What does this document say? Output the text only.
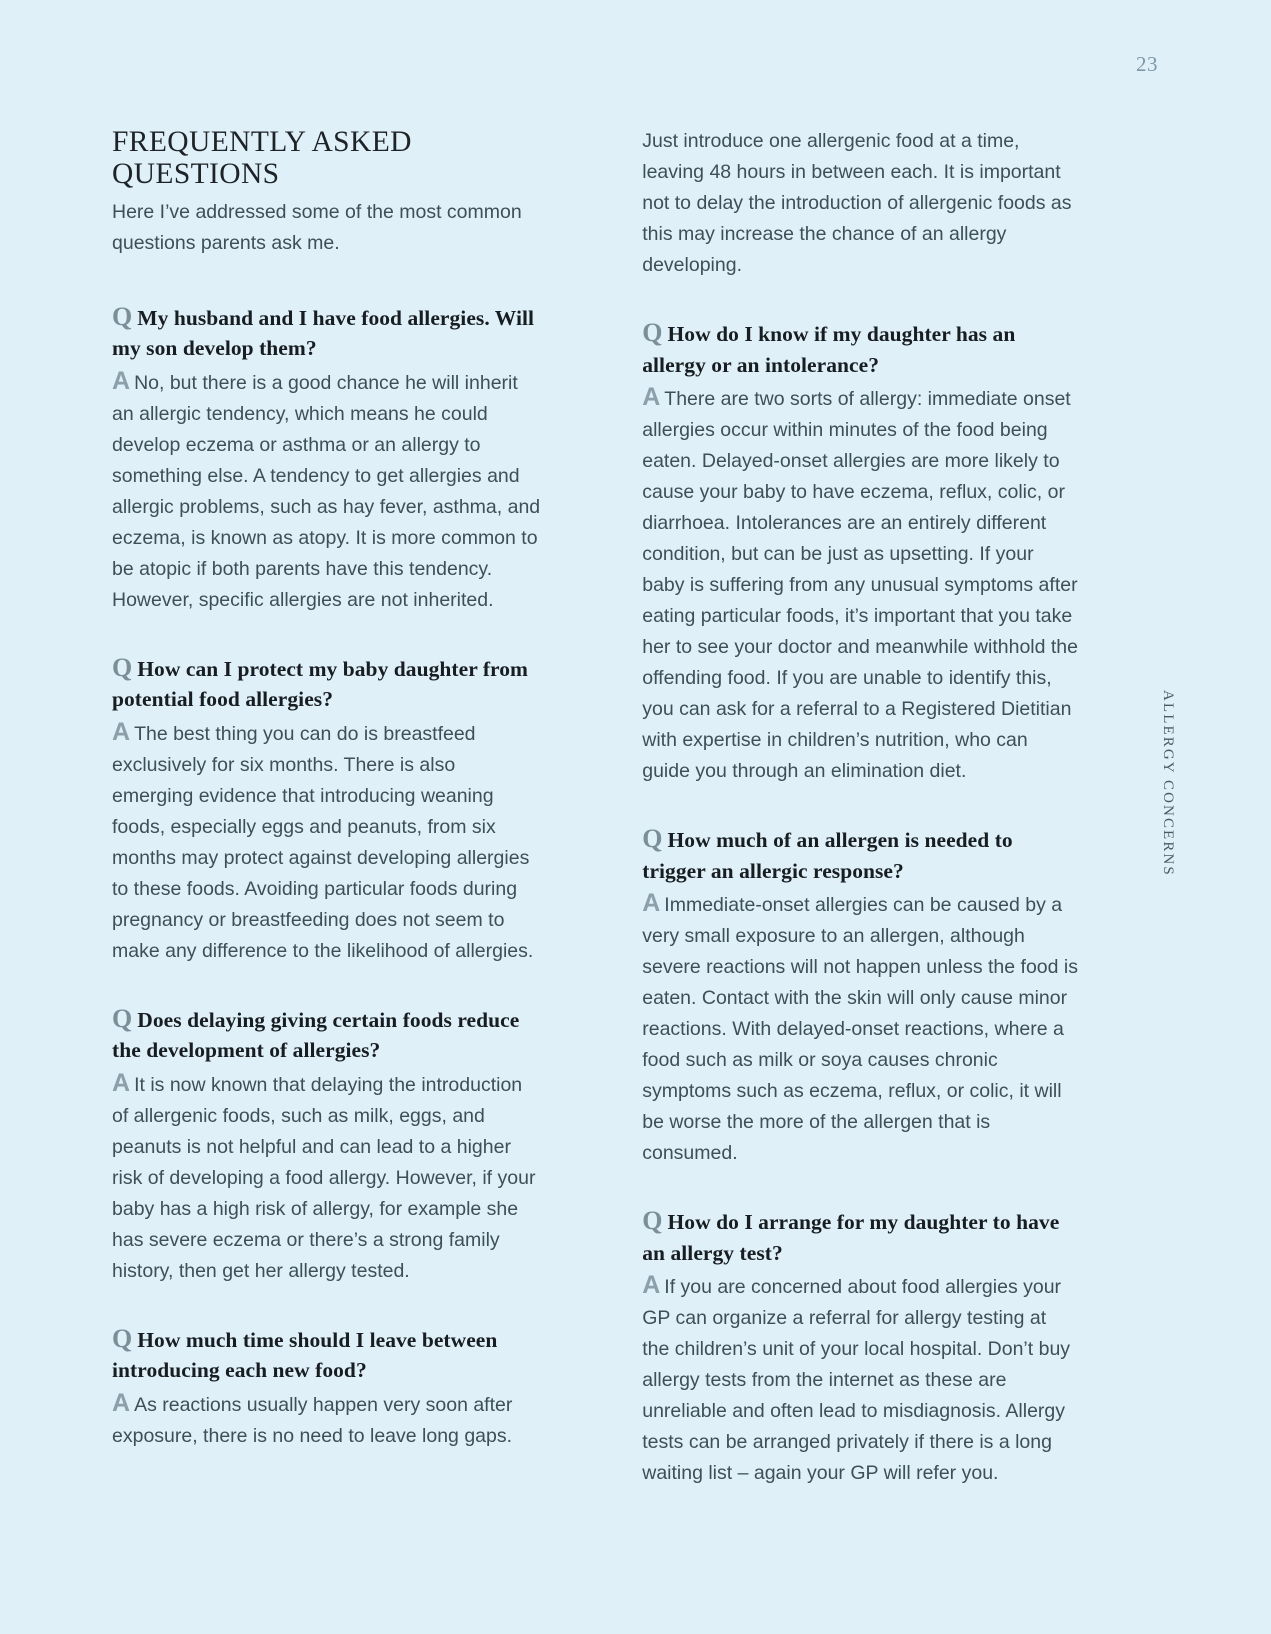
23
ALLERGY CONCERNS
FREQUENTLY ASKED QUESTIONS

Here I’ve addressed some of the most common questions parents ask me.

Q My husband and I have food allergies. Will my son develop them?

A No, but there is a good chance he will inherit an allergic tendency, which means he could develop eczema or asthma or an allergy to something else. A tendency to get allergies and allergic problems, such as hay fever, asthma, and eczema, is known as atopy. It is more common to be atopic if both parents have this tendency. However, specific allergies are not inherited.

Q How can I protect my baby daughter from potential food allergies?

A The best thing you can do is breastfeed exclusively for six months. There is also emerging evidence that introducing weaning foods, especially eggs and peanuts, from six months may protect against developing allergies to these foods. Avoiding particular foods during pregnancy or breastfeeding does not seem to make any difference to the likelihood of allergies.

Q Does delaying giving certain foods reduce the development of allergies?

A It is now known that delaying the introduction of allergenic foods, such as milk, eggs, and peanuts is not helpful and can lead to a higher risk of developing a food allergy. However, if your baby has a high risk of allergy, for example she has severe eczema or there’s a strong family history, then get her allergy tested.

Q How much time should I leave between introducing each new food?

A As reactions usually happen very soon after exposure, there is no need to leave long gaps.

Just introduce one allergenic food at a time, leaving 48 hours in between each. It is important not to delay the introduction of allergenic foods as this may increase the chance of an allergy developing.

Q How do I know if my daughter has an allergy or an intolerance?

A There are two sorts of allergy: immediate onset allergies occur within minutes of the food being eaten. Delayed-onset allergies are more likely to cause your baby to have eczema, reflux, colic, or diarrhoea. Intolerances are an entirely different condition, but can be just as upsetting. If your baby is suffering from any unusual symptoms after eating particular foods, it’s important that you take her to see your doctor and meanwhile withhold the offending food. If you are unable to identify this, you can ask for a referral to a Registered Dietitian with expertise in children’s nutrition, who can guide you through an elimination diet.

Q How much of an allergen is needed to trigger an allergic response?

A Immediate-onset allergies can be caused by a very small exposure to an allergen, although severe reactions will not happen unless the food is eaten. Contact with the skin will only cause minor reactions. With delayed-onset reactions, where a food such as milk or soya causes chronic symptoms such as eczema, reflux, or colic, it will be worse the more of the allergen that is consumed.

Q How do I arrange for my daughter to have an allergy test?

A If you are concerned about food allergies your GP can organize a referral for allergy testing at the children’s unit of your local hospital. Don’t buy allergy tests from the internet as these are unreliable and often lead to misdiagnosis. Allergy tests can be arranged privately if there is a long waiting list – again your GP will refer you.
